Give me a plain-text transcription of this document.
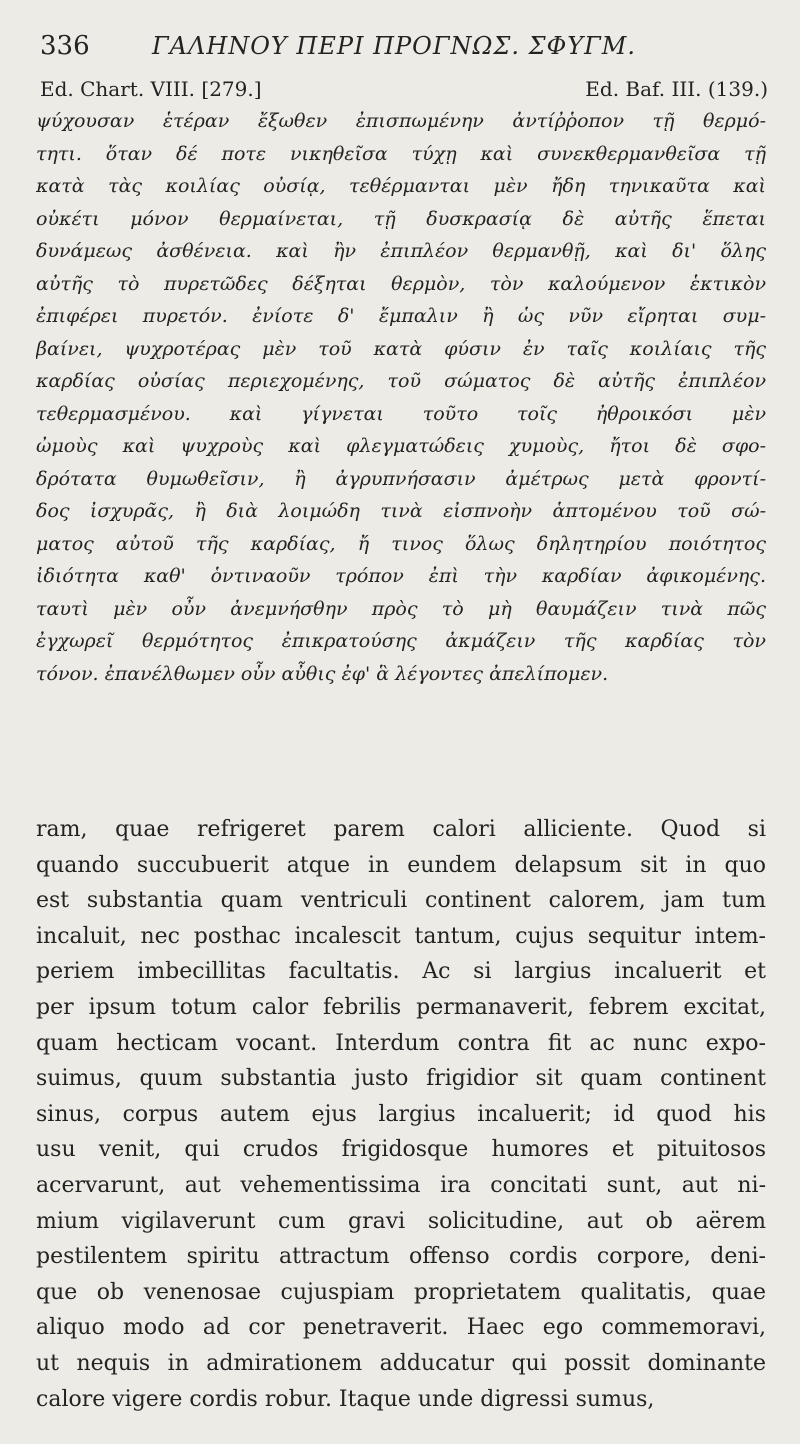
336	ΓΑΛΗΝΟΥ ΠΕΡΙ ΠΡΟΓΝΩΣ. ΣΦΥΓΜ.
Ed. Chart. VIII. [279.]	Ed. Baf. III. (139.)
ψύχουσαν ἑτέραν ἔξωθεν ἐπισπωμένην ἀντίῤῥοπον τῇ θερμό-
τητι. ὅταν δέ ποτε νικηθεῖσα τύχῃ καὶ συνεκθερμανθεῖσα τῇ
κατὰ τὰς κοιλίας οὐσίᾳ, τεθέρμανται μὲν ἤδη τηνικαῦτα καὶ
οὐκέτι μόνον θερμαίνεται, τῇ δυσκρασίᾳ δὲ αὐτῆς ἕπεται
δυνάμεως ἀσθένεια. καὶ ἢν ἐπιπλέον θερμανθῇ, καὶ δι' ὅλης
αὐτῆς τὸ πυρετῶδες δέξηται θερμὸν, τὸν καλούμενον ἑκτικὸν
ἐπιφέρει πυρετόν. ἐνίοτε δ' ἔμπαλιν ἢ ὡς νῦν εἴρηται συμ-
βαίνει, ψυχροτέρας μὲν τοῦ κατὰ φύσιν ἐν ταῖς κοιλίαις τῆς
καρδίας οὐσίας περιεχομένης, τοῦ σώματος δὲ αὐτῆς ἐπιπλέον
τεθερμασμένου. καὶ γίγνεται τοῦτο τοῖς ἠθροικόσι μὲν
ὠμοὺς καὶ ψυχροὺς καὶ φλεγματώδεις χυμοὺς, ἤτοι δὲ σφο-
δρότατα θυμωθεῖσιν, ἢ ἀγρυπνήσασιν ἀμέτρως μετὰ φροντί-
δος ἰσχυρᾶς, ἢ διὰ λοιμώδη τινὰ εἰσπνοὴν ἁπτομένου τοῦ σώ-
ματος αὐτοῦ τῆς καρδίας, ἤ τινος ὅλως δηλητηρίου ποιότητος
ἰδιότητα καθ' ὁντιναοῦν τρόπον ἐπὶ τὴν καρδίαν ἀφικομένης.
ταυτὶ μὲν οὖν ἀνεμνήσθην πρὸς τὸ μὴ θαυμάζειν τινὰ πῶς
ἐγχωρεῖ θερμότητος ἐπικρατούσης ἀκμάζειν τῆς καρδίας τὸν
τόνον. ἐπανέλθωμεν οὖν αὖθις ἐφ' ἃ λέγοντες ἀπελίπομεν.
ram, quae refrigeret parem calori alliciente. Quod si
quando succubuerit atque in eundem delapsum sit in quo
est substantia quam ventriculi continent calorem, jam tum
incaluit, nec posthac incalescit tantum, cujus sequitur intem-
periem imbecillitas facultatis. Ac si largius incaluerit et
per ipsum totum calor febrilis permanaverit, febrem excitat,
quam hecticam vocant. Interdum contra fit ac nunc expo-
suimus, quum substantia justo frigidior sit quam continent
sinus, corpus autem ejus largius incaluerit; id quod his
usu venit, qui crudos frigidosque humores et pituitosos
acervarunt, aut vehementissima ira concitati sunt, aut ni-
mium vigilaverunt cum gravi solicitudine, aut ob aërem
pestilentem spiritu attractum offenso cordis corpore, deni-
que ob venenosae cujuspiam proprietatem qualitatis, quae
aliquo modo ad cor penetraverit. Haec ego commemoravi,
ut nequis in admirationem adducatur qui possit dominante
calore vigere cordis robur. Itaque unde digressi sumus,
